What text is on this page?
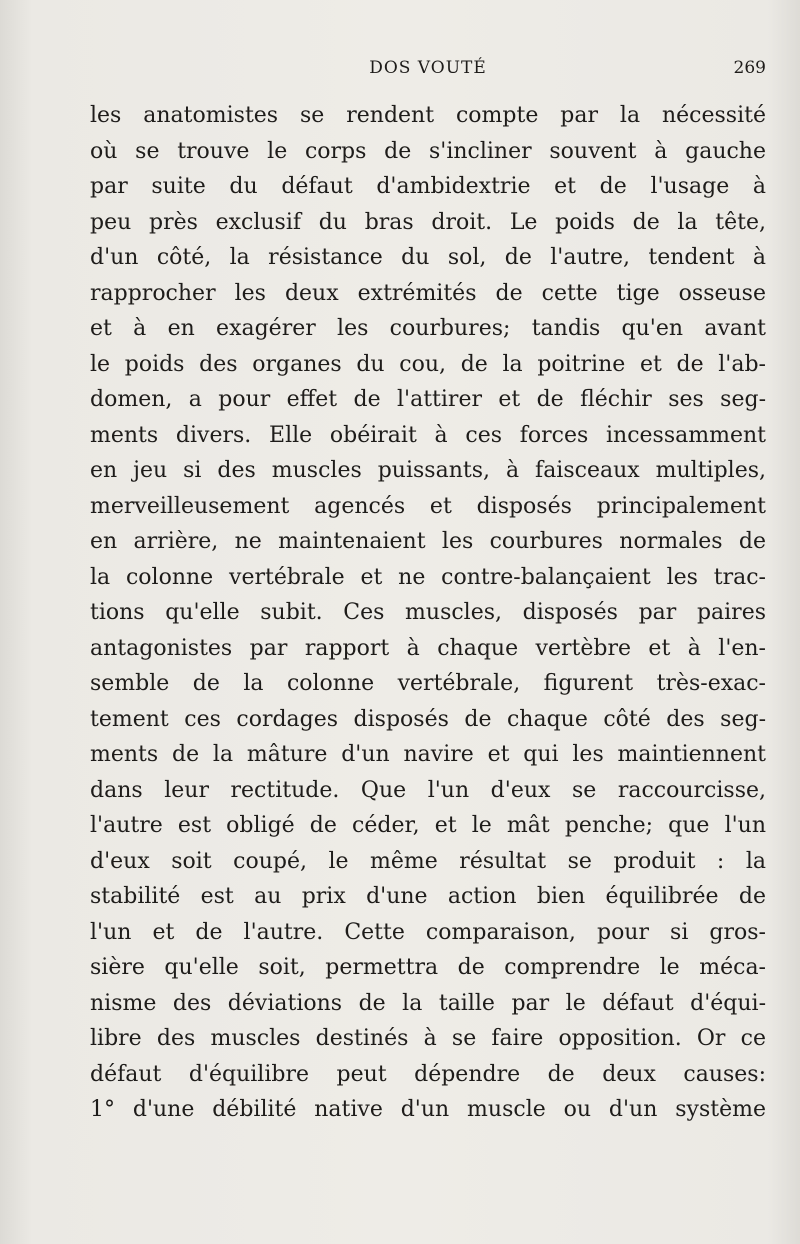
DOS VOUTÉ	269
les anatomistes se rendent compte par la nécessité
où se trouve le corps de s'incliner souvent à gauche
par suite du défaut d'ambidextrie et de l'usage à
peu près exclusif du bras droit. Le poids de la tête,
d'un côté, la résistance du sol, de l'autre, tendent à
rapprocher les deux extrémités de cette tige osseuse
et à en exagérer les courbures; tandis qu'en avant
le poids des organes du cou, de la poitrine et de l'ab-
domen, a pour effet de l'attirer et de fléchir ses seg-
ments divers. Elle obéirait à ces forces incessamment
en jeu si des muscles puissants, à faisceaux multiples,
merveilleusement agencés et disposés principalement
en arrière, ne maintenaient les courbures normales de
la colonne vertébrale et ne contre-balançaient les trac-
tions qu'elle subit. Ces muscles, disposés par paires
antagonistes par rapport à chaque vertèbre et à l'en-
semble de la colonne vertébrale, figurent très-exac-
tement ces cordages disposés de chaque côté des seg-
ments de la mâture d'un navire et qui les maintiennent
dans leur rectitude. Que l'un d'eux se raccourcisse,
l'autre est obligé de céder, et le mât penche; que l'un
d'eux soit coupé, le même résultat se produit : la
stabilité est au prix d'une action bien équilibrée de
l'un et de l'autre. Cette comparaison, pour si gros-
sière qu'elle soit, permettra de comprendre le méca-
nisme des déviations de la taille par le défaut d'équi-
libre des muscles destinés à se faire opposition. Or ce
défaut d'équilibre peut dépendre de deux causes:
1° d'une débilité native d'un muscle ou d'un système
